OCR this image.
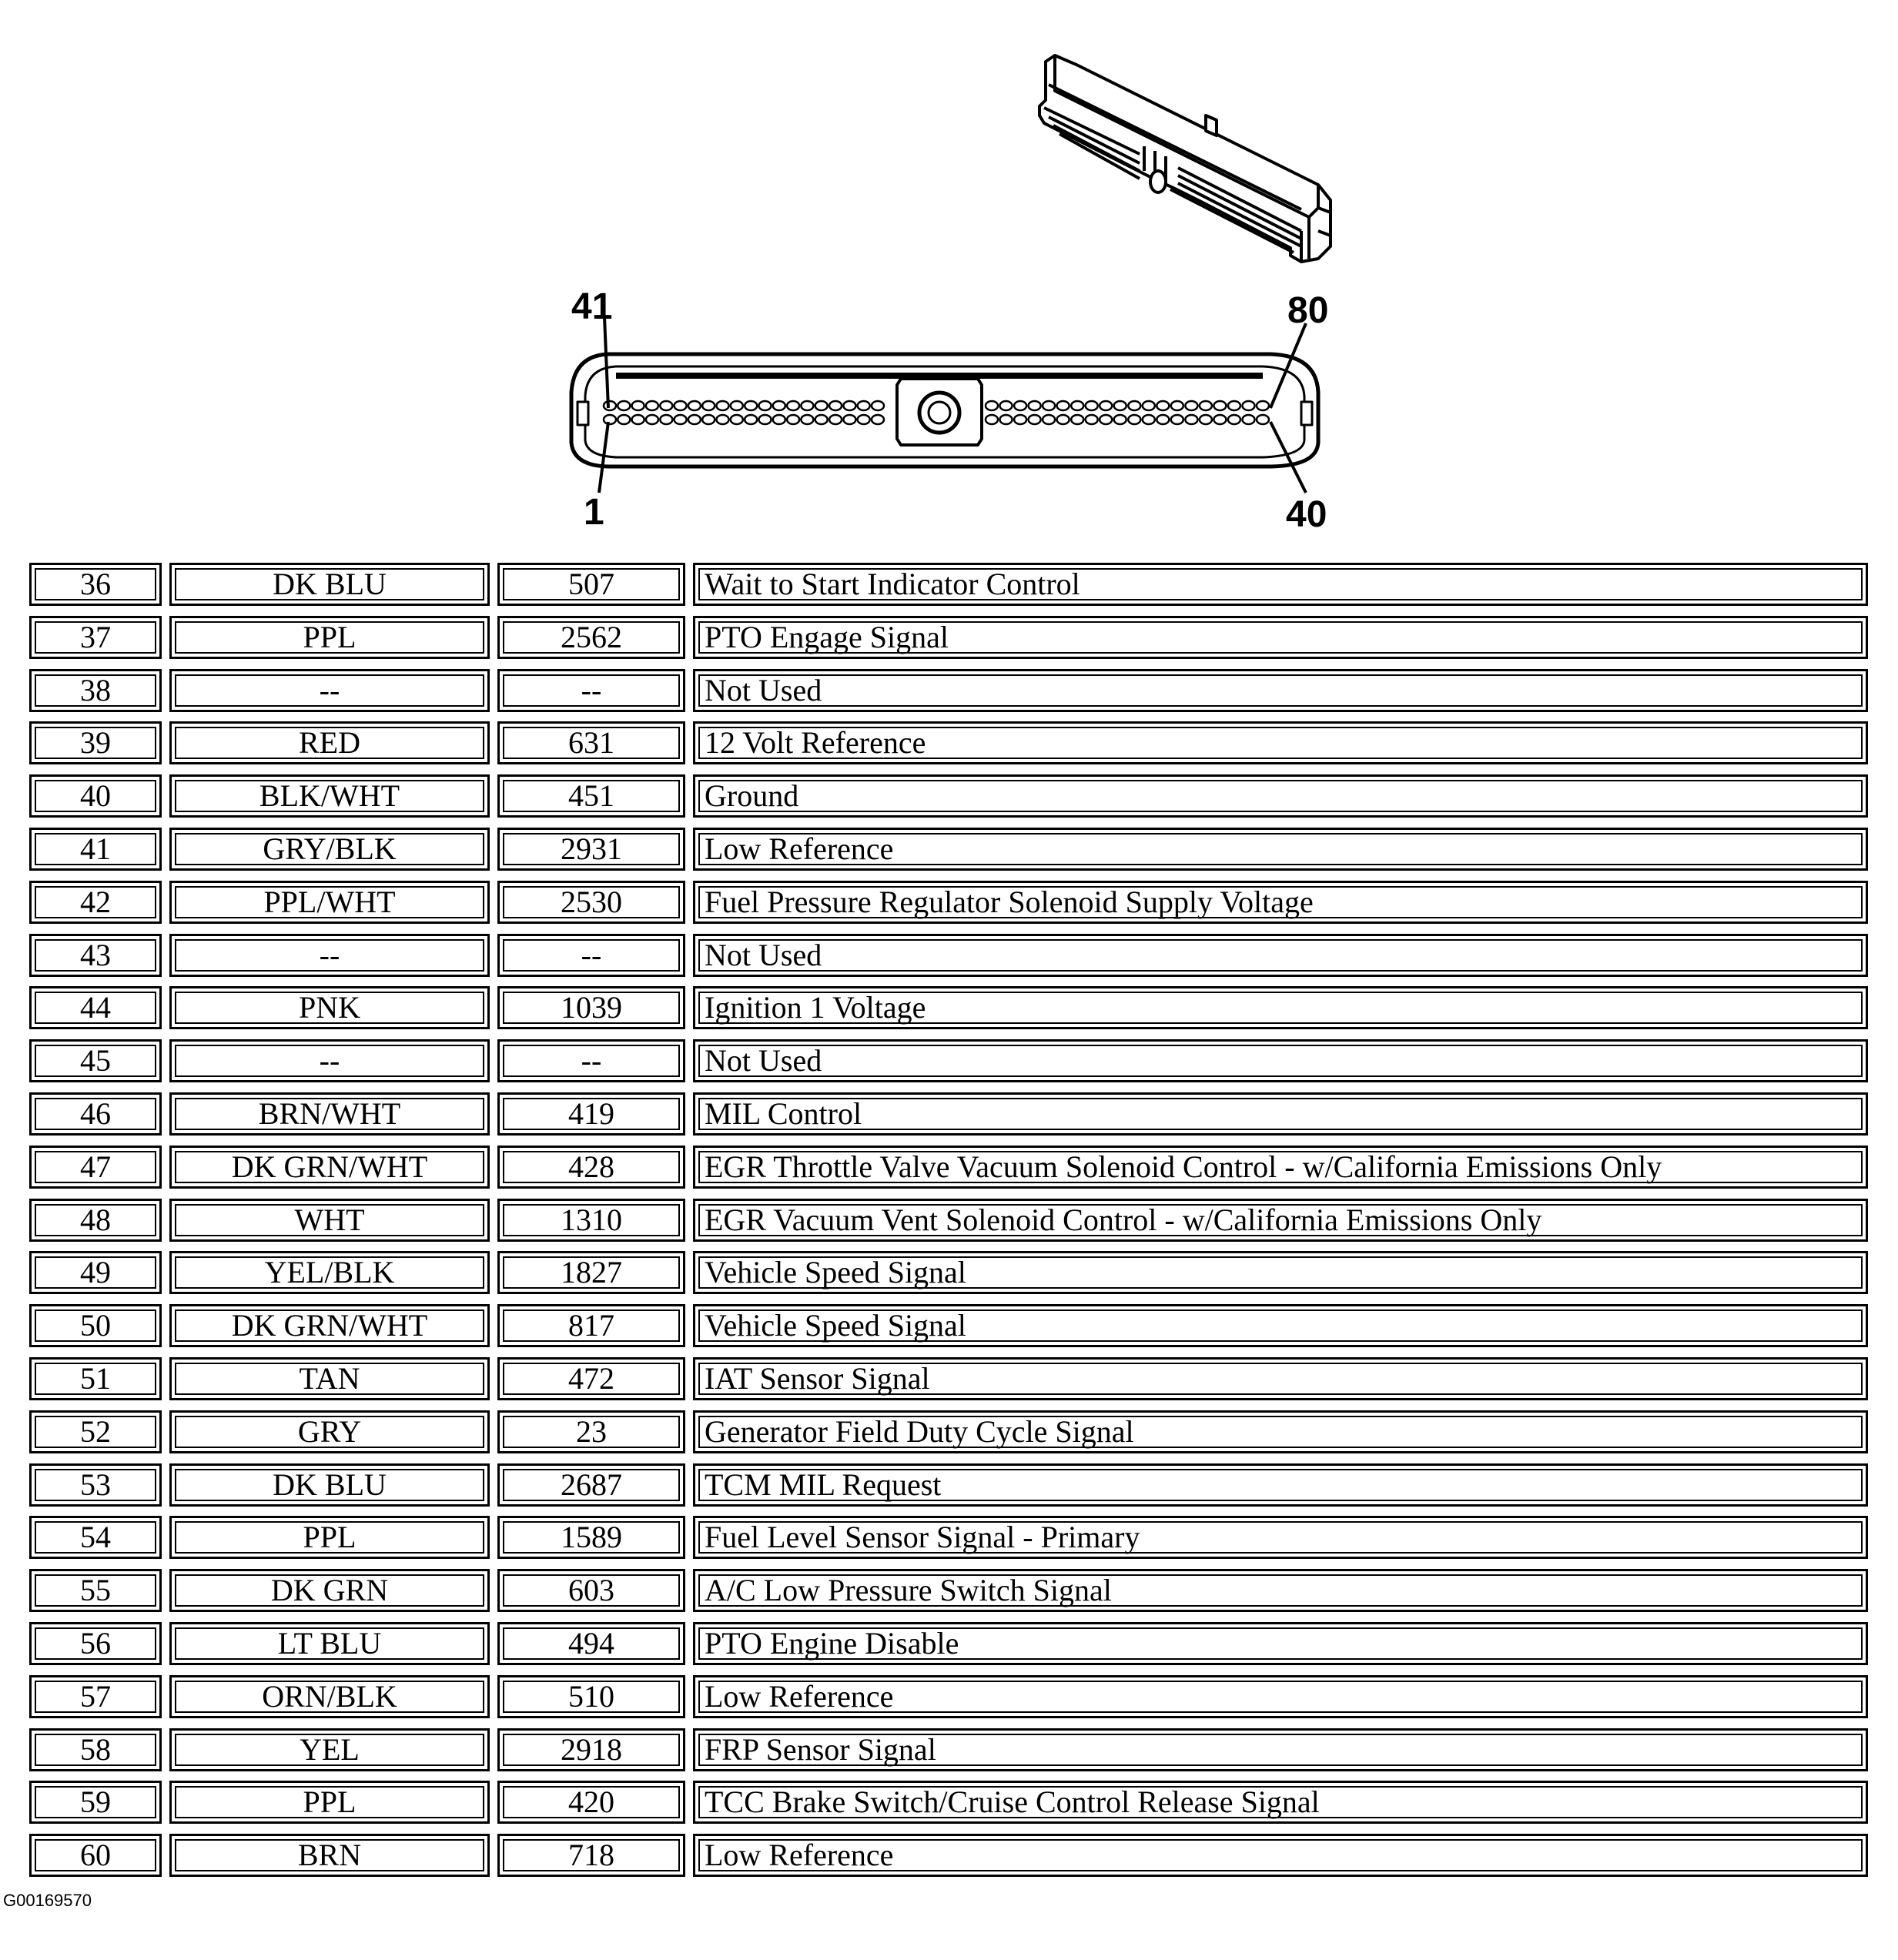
41	80
1	40
36	DK BLU	507	Wait to Start Indicator Control
37	PPL	2562	PTO Engage Signal
38	--	--	Not Used
39	RED	631	12 Volt Reference
40	BLK/WHT	451	Ground
41	GRY/BLK	2931	Low Reference
42	PPL/WHT	2530	Fuel Pressure Regulator Solenoid Supply Voltage
43	--	--	Not Used
44	PNK	1039	Ignition 1 Voltage
45	--	--	Not Used
46	BRN/WHT	419	MIL Control
47	DK GRN/WHT	428	EGR Throttle Valve Vacuum Solenoid Control - w/California Emissions Only
48	WHT	1310	EGR Vacuum Vent Solenoid Control - w/California Emissions Only
49	YEL/BLK	1827	Vehicle Speed Signal
50	DK GRN/WHT	817	Vehicle Speed Signal
51	TAN	472	IAT Sensor Signal
52	GRY	23	Generator Field Duty Cycle Signal
53	DK BLU	2687	TCM MIL Request
54	PPL	1589	Fuel Level Sensor Signal - Primary
55	DK GRN	603	A/C Low Pressure Switch Signal
56	LT BLU	494	PTO Engine Disable
57	ORN/BLK	510	Low Reference
58	YEL	2918	FRP Sensor Signal
59	PPL	420	TCC Brake Switch/Cruise Control Release Signal
60	BRN	718	Low Reference
G00169570
